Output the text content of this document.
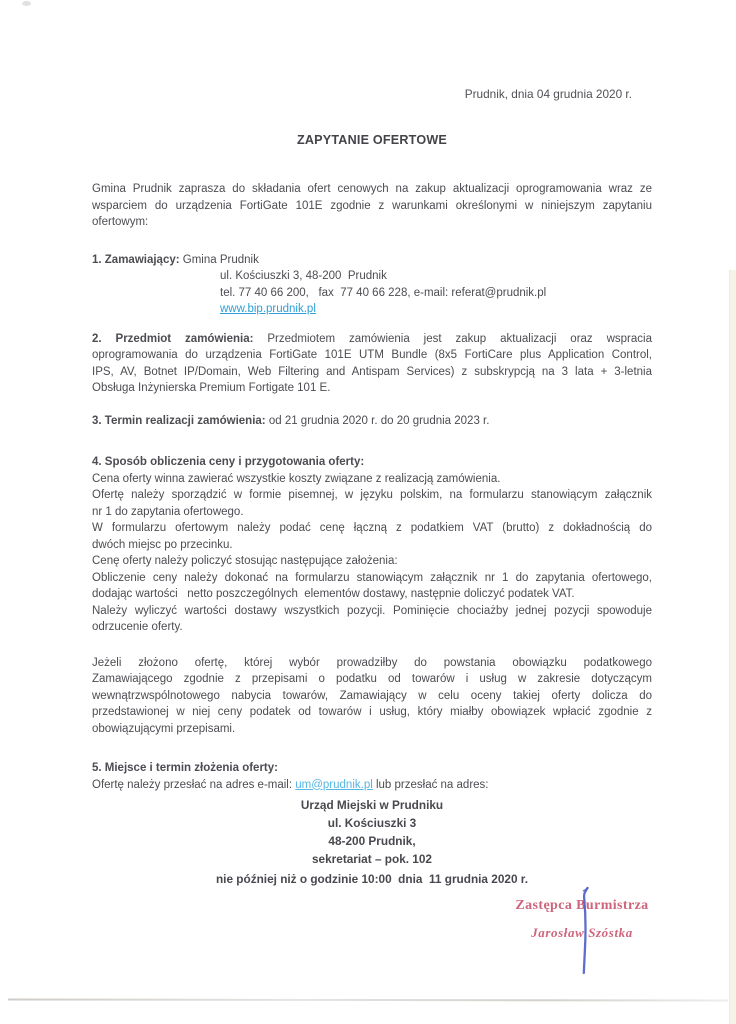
Prudnik, dnia 04 grudnia 2020 r.
ZAPYTANIE OFERTOWE
Gmina Prudnik zaprasza do składania ofert cenowych na zakup aktualizacji oprogramowania wraz ze
wsparciem do urządzenia FortiGate 101E zgodnie z warunkami określonymi w niniejszym zapytaniu
ofertowym:
1. Zamawiający: Gmina Prudnik
ul. Kościuszki 3, 48-200  Prudnik
tel. 77 40 66 200,   fax  77 40 66 228, e-mail: referat@prudnik.pl
www.bip.prudnik.pl
2. Przedmiot zamówienia: Przedmiotem zamówienia jest zakup aktualizacji oraz wspracia
oprogramowania do urządzenia FortiGate 101E UTM Bundle (8x5 FortiCare plus Application Control,
IPS, AV, Botnet IP/Domain, Web Filtering and Antispam Services) z subskrypcją na 3 lata + 3-letnia
Obsługa Inżynierska Premium Fortigate 101 E.
3. Termin realizacji zamówienia: od 21 grudnia 2020 r. do 20 grudnia 2023 r.
4. Sposób obliczenia ceny i przygotowania oferty:
Cena oferty winna zawierać wszystkie koszty związane z realizacją zamówienia.
Ofertę należy sporządzić w formie pisemnej, w języku polskim, na formularzu stanowiącym załącznik
nr 1 do zapytania ofertowego.
W formularzu ofertowym należy podać cenę łączną z podatkiem VAT (brutto) z dokładnością do
dwóch miejsc po przecinku.
Cenę oferty należy policzyć stosując następujące założenia:
Obliczenie ceny należy dokonać na formularzu stanowiącym załącznik nr 1 do zapytania ofertowego,
dodając wartości   netto poszczególnych  elementów dostawy, następnie doliczyć podatek VAT.
Należy wyliczyć wartości dostawy wszystkich pozycji. Pominięcie chociażby jednej pozycji spowoduje
odrzucenie oferty.
Jeżeli złożono ofertę, której wybór prowadziłby do powstania obowiązku podatkowego
Zamawiającego zgodnie z przepisami o podatku od towarów i usług w zakresie dotyczącym
wewnątrzwspólnotowego nabycia towarów, Zamawiający w celu oceny takiej oferty dolicza do
przedstawionej w niej ceny podatek od towarów i usług, który miałby obowiązek wpłacić zgodnie z
obowiązującymi przepisami.
5. Miejsce i termin złożenia oferty:
Ofertę należy przesłać na adres e-mail: um@prudnik.pl lub przesłać na adres:
Urząd Miejski w Prudniku
ul. Kościuszki 3
48-200 Prudnik,
sekretariat – pok. 102
nie później niż o godzinie 10:00  dnia  11 grudnia 2020 r.
Zastępca Burmistrza
Jarosław Szóstka
